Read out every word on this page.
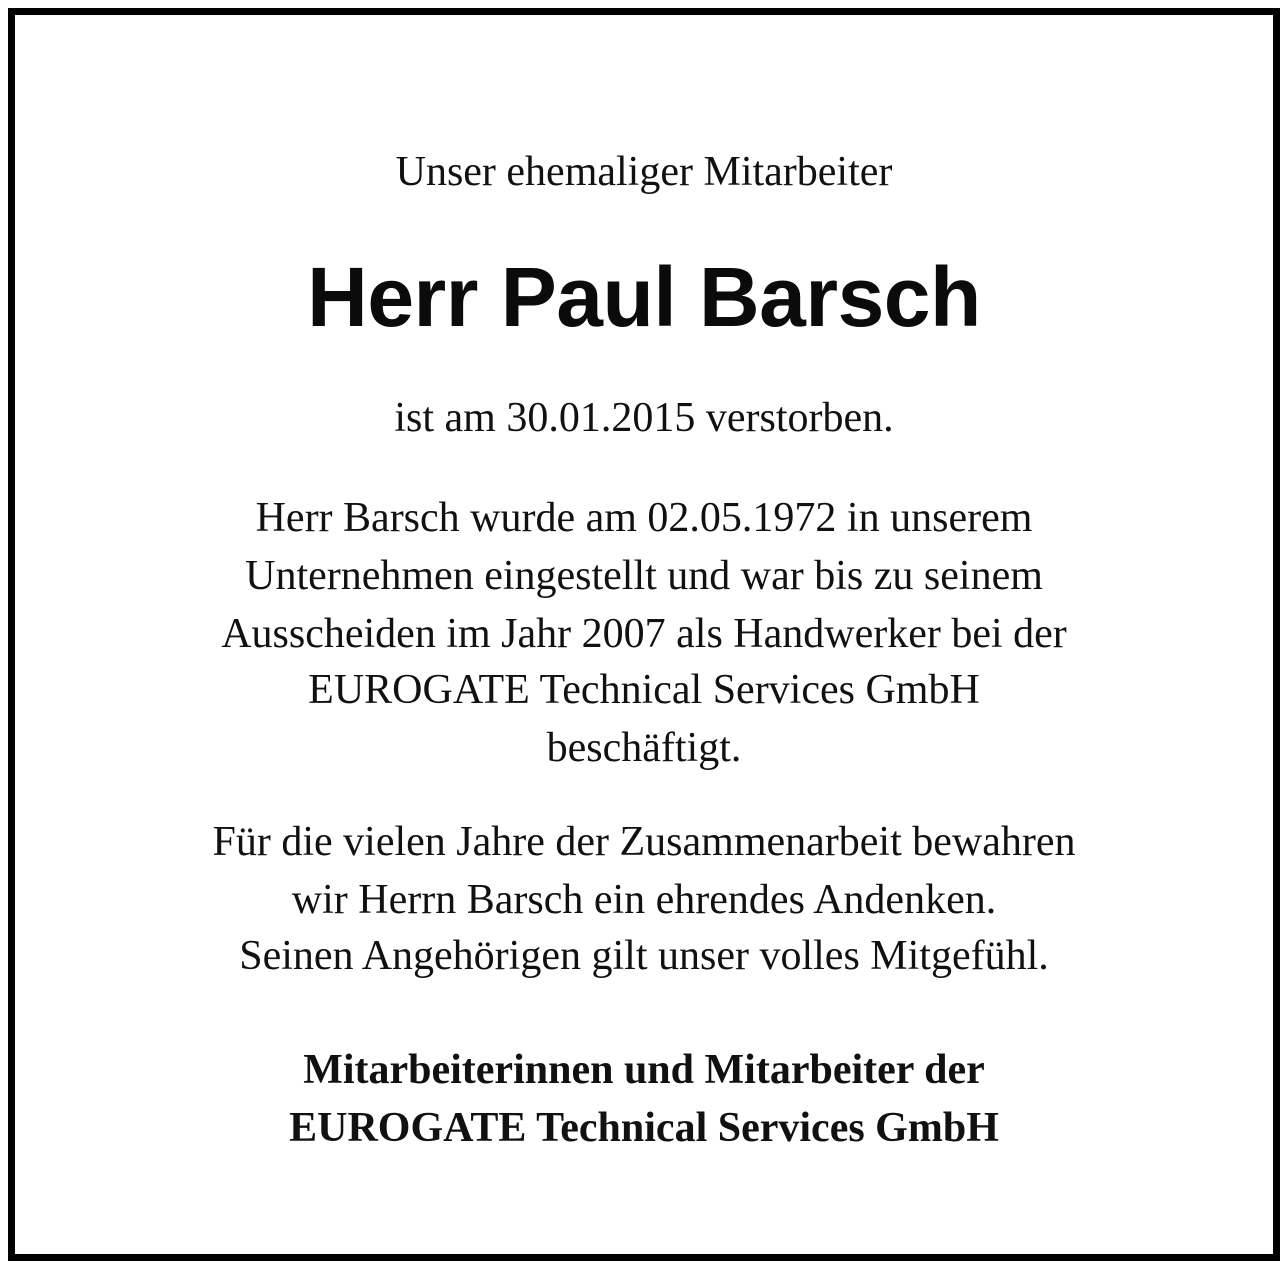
Unser ehemaliger Mitarbeiter
Herr Paul Barsch
ist am 30.01.2015 verstorben.
Herr Barsch wurde am 02.05.1972 in unserem
Unternehmen eingestellt und war bis zu seinem
Ausscheiden im Jahr 2007 als Handwerker bei der
EUROGATE Technical Services GmbH
beschäftigt.
Für die vielen Jahre der Zusammenarbeit bewahren
wir Herrn Barsch ein ehrendes Andenken.
Seinen Angehörigen gilt unser volles Mitgefühl.
Mitarbeiterinnen und Mitarbeiter der
EUROGATE Technical Services GmbH
